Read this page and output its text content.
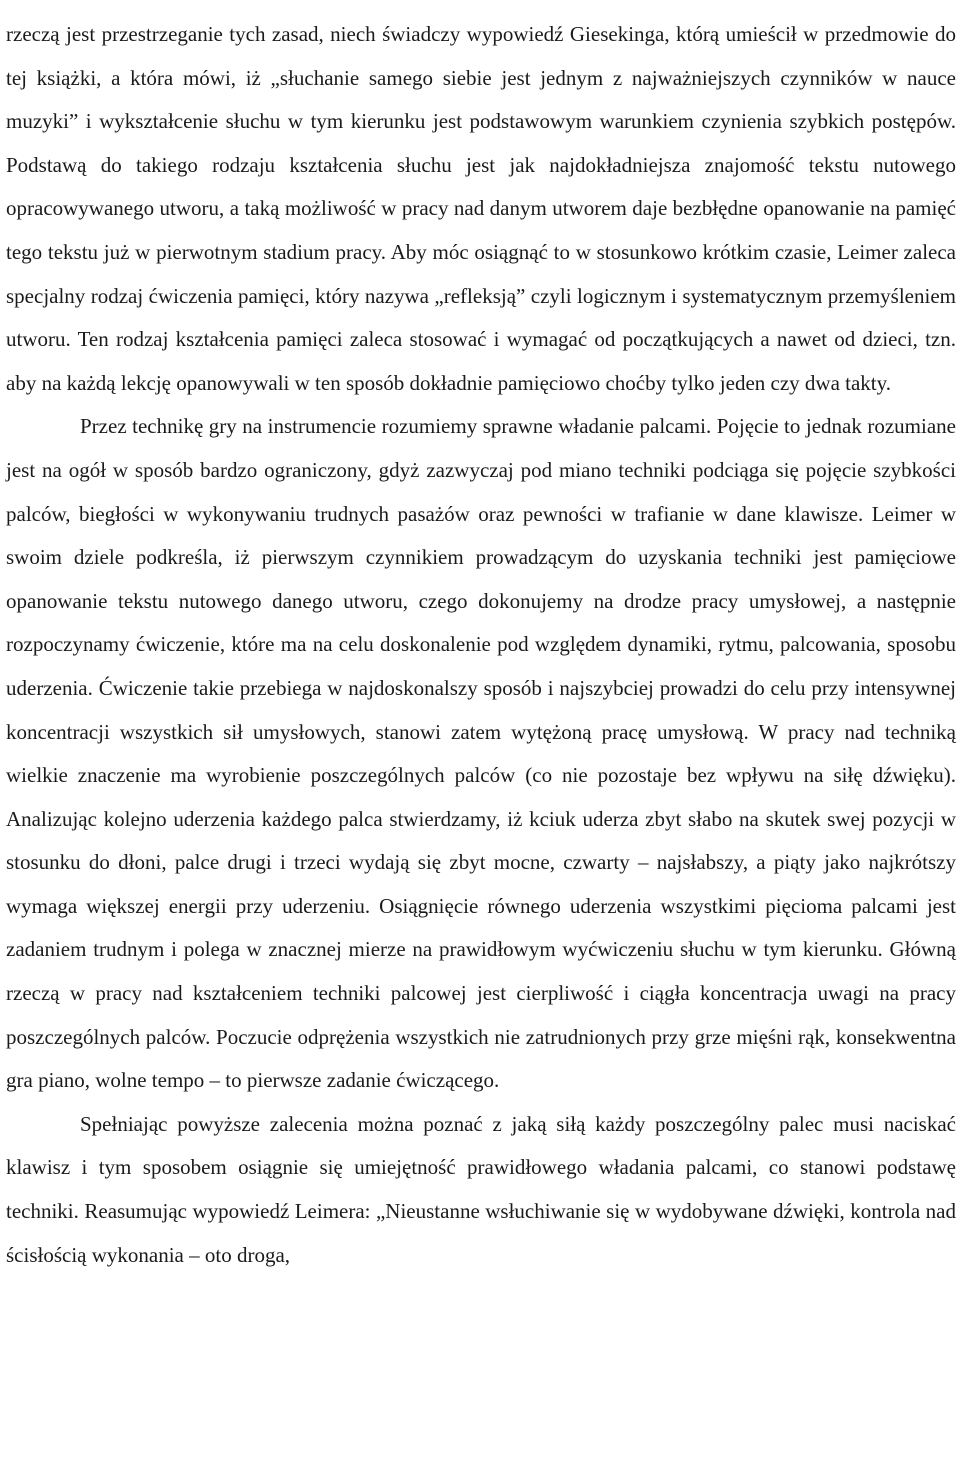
rzeczą jest przestrzeganie tych zasad, niech świadczy wypowiedź Giesekinga, którą umieścił w przedmowie do tej książki, a która mówi, iż „słuchanie samego siebie jest jednym z najważniejszych czynników w nauce muzyki” i wykształcenie słuchu w tym kierunku jest podstawowym warunkiem czynienia szybkich postępów. Podstawą do takiego rodzaju kształcenia słuchu jest jak najdokładniejsza znajomość tekstu nutowego opracowywanego utworu, a taką możliwość w pracy nad danym utworem daje bezbłędne opanowanie na pamięć tego tekstu już w pierwotnym stadium pracy. Aby móc osiągnąć to w stosunkowo krótkim czasie, Leimer zaleca specjalny rodzaj ćwiczenia pamięci, który nazywa „refleksją” czyli logicznym i systematycznym przemyśleniem utworu. Ten rodzaj kształcenia pamięci zaleca stosować i wymagać od początkujących a nawet od dzieci, tzn. aby na każdą lekcję opanowywali w ten sposób dokładnie pamięciowo choćby tylko jeden czy dwa takty.

Przez technikę gry na instrumencie rozumiemy sprawne władanie palcami. Pojęcie to jednak rozumiane jest na ogół w sposób bardzo ograniczony, gdyż zazwyczaj pod miano techniki podciąga się pojęcie szybkości palców, biegłości w wykonywaniu trudnych pasażów oraz pewności w trafianie w dane klawisze. Leimer w swoim dziele podkreśla, iż pierwszym czynnikiem prowadzącym do uzyskania techniki jest pamięciowe opanowanie tekstu nutowego danego utworu, czego dokonujemy na drodze pracy umysłowej, a następnie rozpoczynamy ćwiczenie, które ma na celu doskonalenie pod względem dynamiki, rytmu, palcowania, sposobu uderzenia. Ćwiczenie takie przebiega w najdoskonalszy sposób i najszybciej prowadzi do celu przy intensywnej koncentracji wszystkich sił umysłowych, stanowi zatem wytężoną pracę umysłową. W pracy nad techniką wielkie znaczenie ma wyrobienie poszczególnych palców (co nie pozostaje bez wpływu na siłę dźwięku). Analizując kolejno uderzenia każdego palca stwierdzamy, iż kciuk uderza zbyt słabo na skutek swej pozycji w stosunku do dłoni, palce drugi i trzeci wydają się zbyt mocne, czwarty – najsłabszy, a piąty jako najkrótszy wymaga większej energii przy uderzeniu. Osiągnięcie równego uderzenia wszystkimi pięcioma palcami jest zadaniem trudnym i polega w znacznej mierze na prawidłowym wyćwiczeniu słuchu w tym kierunku. Główną rzeczą w pracy nad kształceniem techniki palcowej jest cierpliwość i ciągła koncentracja uwagi na pracy poszczególnych palców. Poczucie odprężenia wszystkich nie zatrudnionych przy grze mięśni rąk, konsekwentna gra piano, wolne tempo – to pierwsze zadanie ćwiczącego.

Spełniając powyższe zalecenia można poznać z jaką siłą każdy poszczególny palec musi naciskać klawisz i tym sposobem osiągnie się umiejętność prawidłowego władania palcami, co stanowi podstawę techniki. Reasumując wypowiedź Leimera: „Nieustanne wsłuchiwanie się w wydobywane dźwięki, kontrola nad ścisłością wykonania – oto droga,
